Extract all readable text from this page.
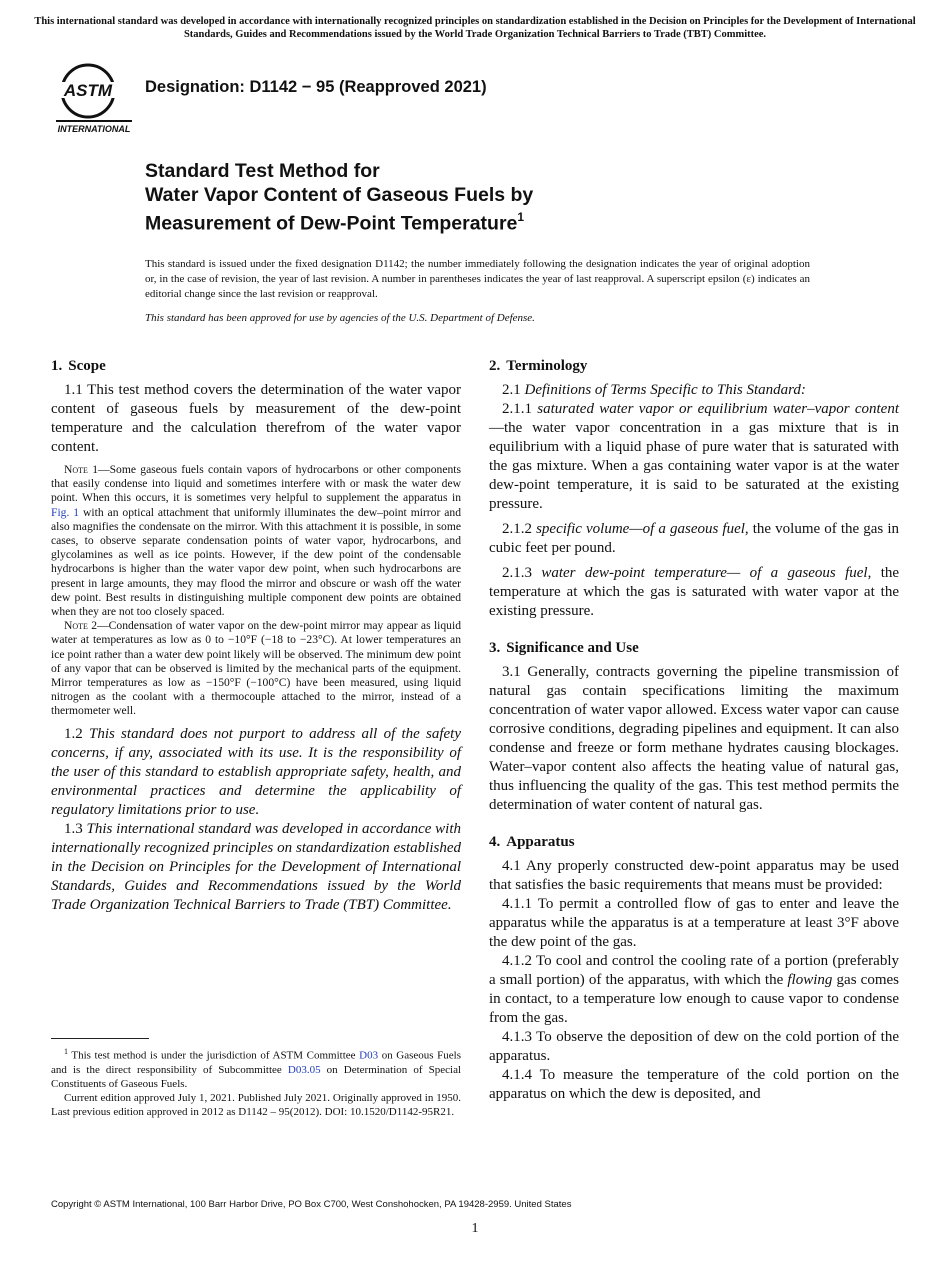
This international standard was developed in accordance with internationally recognized principles on standardization established in the Decision on Principles for the Development of International Standards, Guides and Recommendations issued by the World Trade Organization Technical Barriers to Trade (TBT) Committee.
ASTM
INTERNATIONAL
Designation: D1142 − 95 (Reapproved 2021)
Standard Test Method for
Water Vapor Content of Gaseous Fuels by
Measurement of Dew-Point Temperature$^1$
This standard is issued under the fixed designation D1142; the number immediately following the designation indicates the year of original adoption or, in the case of revision, the year of last revision. A number in parentheses indicates the year of last reapproval. A superscript epsilon (ε) indicates an editorial change since the last revision or reapproval.
This standard has been approved for use by agencies of the U.S. Department of Defense.
1. Scope

1.1 This test method covers the determination of the water vapor content of gaseous fuels by measurement of the dew-point temperature and the calculation therefrom of the water vapor content.

Note 1—Some gaseous fuels contain vapors of hydrocarbons or other components that easily condense into liquid and sometimes interfere with or mask the water dew point. When this occurs, it is sometimes very helpful to supplement the apparatus in Fig. 1 with an optical attachment that uniformly illuminates the dew–point mirror and also magnifies the condensate on the mirror. With this attachment it is possible, in some cases, to observe separate condensation points of water vapor, hydrocarbons, and glycolamines as well as ice points. However, if the dew point of the condensable hydrocarbons is higher than the water vapor dew point, when such hydrocarbons are present in large amounts, they may flood the mirror and obscure or wash off the water dew point. Best results in distinguishing multiple component dew points are obtained when they are not too closely spaced.

Note 2—Condensation of water vapor on the dew-point mirror may appear as liquid water at temperatures as low as 0 to −10°F (−18 to −23°C). At lower temperatures an ice point rather than a water dew point likely will be observed. The minimum dew point of any vapor that can be observed is limited by the mechanical parts of the equipment. Mirror temperatures as low as −150°F (−100°C) have been measured, using liquid nitrogen as the coolant with a thermocouple attached to the mirror, instead of a thermometer well.

1.2 This standard does not purport to address all of the safety concerns, if any, associated with its use. It is the responsibility of the user of this standard to establish appropriate safety, health, and environmental practices and determine the applicability of regulatory limitations prior to use.

1.3 This international standard was developed in accordance with internationally recognized principles on standardization established in the Decision on Principles for the Development of International Standards, Guides and Recommendations issued by the World Trade Organization Technical Barriers to Trade (TBT) Committee.

2. Terminology

2.1 Definitions of Terms Specific to This Standard:

2.1.1 saturated water vapor or equilibrium water–vapor content—the water vapor concentration in a gas mixture that is in equilibrium with a liquid phase of pure water that is saturated with the gas mixture. When a gas containing water vapor is at the water dew-point temperature, it is said to be saturated at the existing pressure.

2.1.2 specific volume—of a gaseous fuel, the volume of the gas in cubic feet per pound.

2.1.3 water dew-point temperature— of a gaseous fuel, the temperature at which the gas is saturated with water vapor at the existing pressure.

3. Significance and Use

3.1 Generally, contracts governing the pipeline transmission of natural gas contain specifications limiting the maximum concentration of water vapor allowed. Excess water vapor can cause corrosive conditions, degrading pipelines and equipment. It can also condense and freeze or form methane hydrates causing blockages. Water–vapor content also affects the heating value of natural gas, thus influencing the quality of the gas. This test method permits the determination of water content of natural gas.

4. Apparatus

4.1 Any properly constructed dew-point apparatus may be used that satisfies the basic requirements that means must be provided:

4.1.1 To permit a controlled flow of gas to enter and leave the apparatus while the apparatus is at a temperature at least 3°F above the dew point of the gas.

4.1.2 To cool and control the cooling rate of a portion (preferably a small portion) of the apparatus, with which the flowing gas comes in contact, to a temperature low enough to cause vapor to condense from the gas.

4.1.3 To observe the deposition of dew on the cold portion of the apparatus.

4.1.4 To measure the temperature of the cold portion on the apparatus on which the dew is deposited, and

$^1$ This test method is under the jurisdiction of ASTM Committee D03 on Gaseous Fuels and is the direct responsibility of Subcommittee D03.05 on Determination of Special Constituents of Gaseous Fuels.

Current edition approved July 1, 2021. Published July 2021. Originally approved in 1950. Last previous edition approved in 2012 as D1142 – 95(2012). DOI: 10.1520/D1142-95R21.

Copyright © ASTM International, 100 Barr Harbor Drive, PO Box C700, West Conshohocken, PA 19428-2959. United States
1
